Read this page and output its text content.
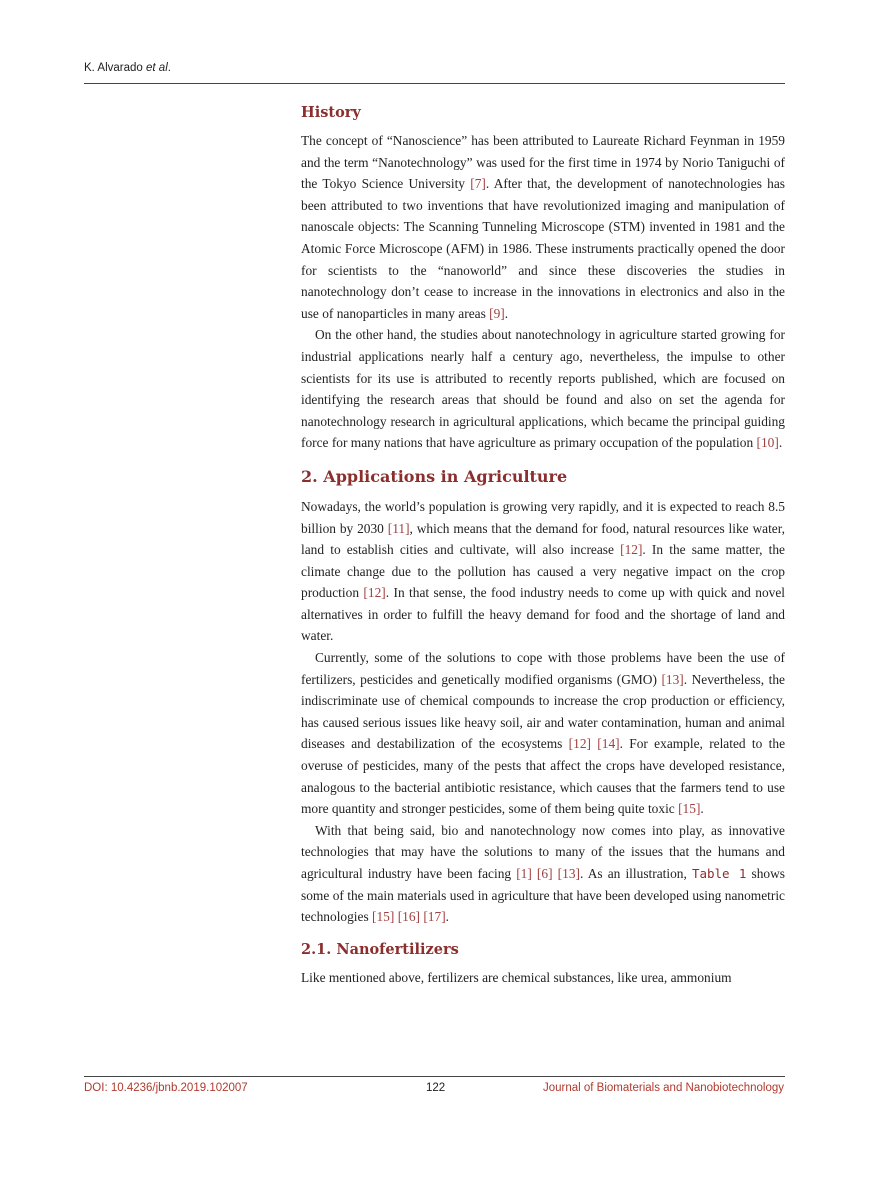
K. Alvarado et al.
History

The concept of “Nanoscience” has been attributed to Laureate Richard Feynman in 1959 and the term “Nanotechnology” was used for the first time in 1974 by Norio Taniguchi of the Tokyo Science University [7]. After that, the development of nanotechnologies has been attributed to two inventions that have revolutionized imaging and manipulation of nanoscale objects: The Scanning Tunneling Microscope (STM) invented in 1981 and the Atomic Force Microscope (AFM) in 1986. These instruments practically opened the door for scientists to the “nanoworld” and since these discoveries the studies in nanotechnology don’t cease to increase in the innovations in electronics and also in the use of nanoparticles in many areas [9].

On the other hand, the studies about nanotechnology in agriculture started growing for industrial applications nearly half a century ago, nevertheless, the impulse to other scientists for its use is attributed to recently reports published, which are focused on identifying the research areas that should be found and also on set the agenda for nanotechnology research in agricultural applications, which became the principal guiding force for many nations that have agriculture as primary occupation of the population [10].

2. Applications in Agriculture

Nowadays, the world’s population is growing very rapidly, and it is expected to reach 8.5 billion by 2030 [11], which means that the demand for food, natural resources like water, land to establish cities and cultivate, will also increase [12]. In the same matter, the climate change due to the pollution has caused a very negative impact on the crop production [12]. In that sense, the food industry needs to come up with quick and novel alternatives in order to fulfill the heavy demand for food and the shortage of land and water.

Currently, some of the solutions to cope with those problems have been the use of fertilizers, pesticides and genetically modified organisms (GMO) [13]. Nevertheless, the indiscriminate use of chemical compounds to increase the crop production or efficiency, has caused serious issues like heavy soil, air and water contamination, human and animal diseases and destabilization of the ecosystems [12] [14]. For example, related to the overuse of pesticides, many of the pests that affect the crops have developed resistance, analogous to the bacterial antibiotic resistance, which causes that the farmers tend to use more quantity and stronger pesticides, some of them being quite toxic [15].

With that being said, bio and nanotechnology now comes into play, as innovative technologies that may have the solutions to many of the issues that the humans and agricultural industry have been facing [1] [6] [13]. As an illustration, Table 1 shows some of the main materials used in agriculture that have been developed using nanometric technologies [15] [16] [17].

2.1. Nanofertilizers

Like mentioned above, fertilizers are chemical substances, like urea, ammonium

DOI: 10.4236/jbnb.2019.102007	122	Journal of Biomaterials and Nanobiotechnology
